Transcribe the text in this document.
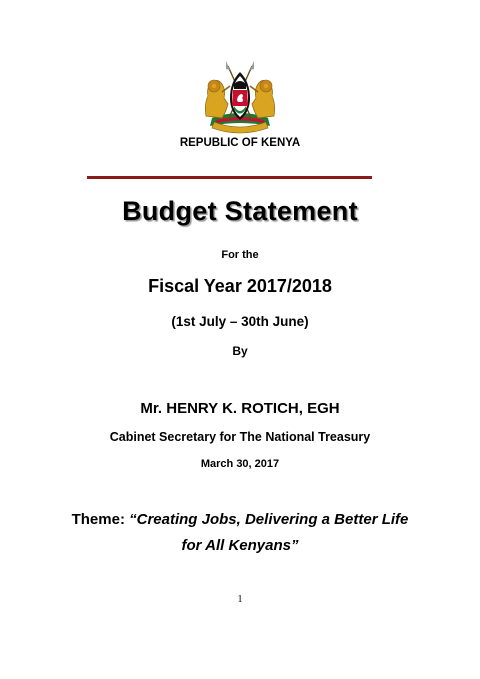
REPUBLIC OF KENYA
Budget Statement
For the
Fiscal Year 2017/2018
(1st July – 30th June)
By
Mr. HENRY K. ROTICH, EGH
Cabinet Secretary for The National Treasury
March 30, 2017
Theme: “Creating Jobs, Delivering a Better Life
for All Kenyans”
1
